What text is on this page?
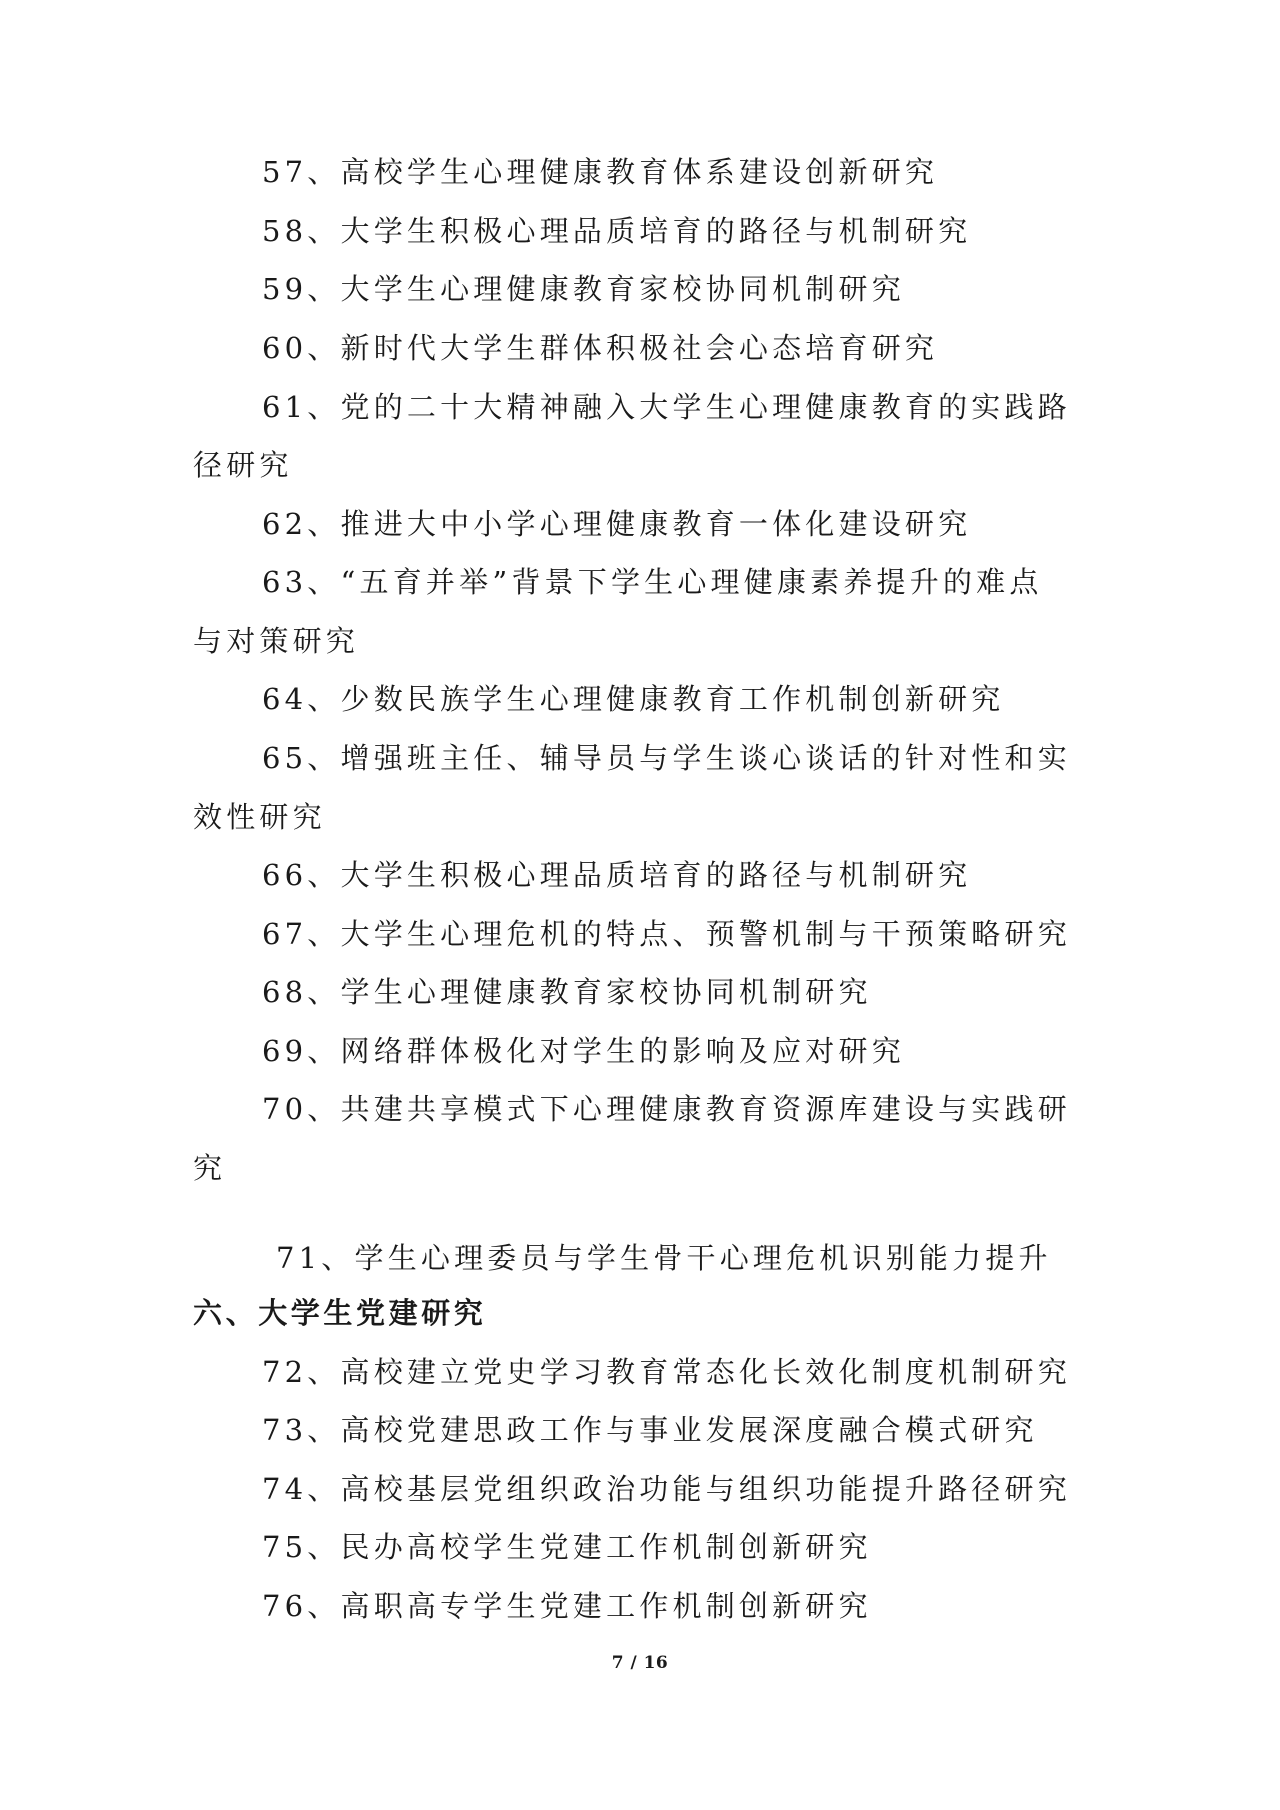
57、高校学生心理健康教育体系建设创新研究
58、大学生积极心理品质培育的路径与机制研究
59、大学生心理健康教育家校协同机制研究
60、新时代大学生群体积极社会心态培育研究
61、党的二十大精神融入大学生心理健康教育的实践路
径研究
62、推进大中小学心理健康教育一体化建设研究
63、“五育并举”背景下学生心理健康素养提升的难点
与对策研究
64、少数民族学生心理健康教育工作机制创新研究
65、增强班主任、辅导员与学生谈心谈话的针对性和实
效性研究
66、大学生积极心理品质培育的路径与机制研究
67、大学生心理危机的特点、预警机制与干预策略研究
68、学生心理健康教育家校协同机制研究
69、网络群体极化对学生的影响及应对研究
70、共建共享模式下心理健康教育资源库建设与实践研
究
71、学生心理委员与学生骨干心理危机识别能力提升
六、大学生党建研究
72、高校建立党史学习教育常态化长效化制度机制研究
73、高校党建思政工作与事业发展深度融合模式研究
74、高校基层党组织政治功能与组织功能提升路径研究
75、民办高校学生党建工作机制创新研究
76、高职高专学生党建工作机制创新研究
7 / 16
